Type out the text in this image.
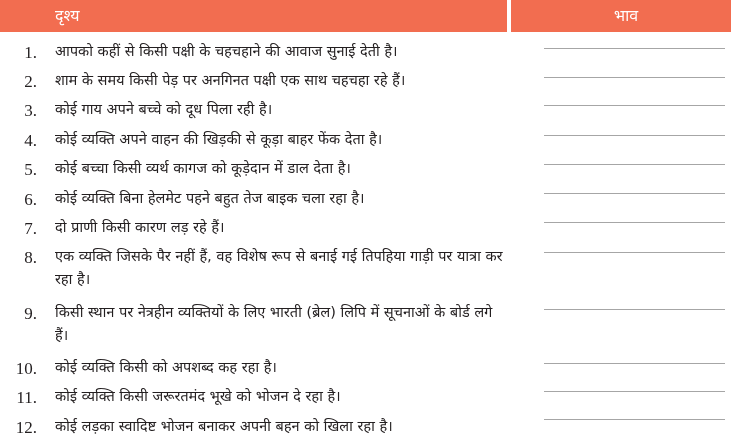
दृश्य	भाव
1. आपको कहीं से किसी पक्षी के चहचहाने की आवाज सुनाई देती है।
2. शाम के समय किसी पेड़ पर अनगिनत पक्षी एक साथ चहचहा रहे हैं।
3. कोई गाय अपने बच्चे को दूध पिला रही है।
4. कोई व्यक्ति अपने वाहन की खिड़की से कूड़ा बाहर फेंक देता है।
5. कोई बच्चा किसी व्यर्थ कागज को कूड़ेदान में डाल देता है।
6. कोई व्यक्ति बिना हेलमेट पहने बहुत तेज बाइक चला रहा है।
7. दो प्राणी किसी कारण लड़ रहे हैं।
8. एक व्यक्ति जिसके पैर नहीं हैं, वह विशेष रूप से बनाई गई तिपहिया गाड़ी पर यात्रा कर रहा है।
9. किसी स्थान पर नेत्रहीन व्यक्तियों के लिए भारती (ब्रेल) लिपि में सूचनाओं के बोर्ड लगे हैं।
10. कोई व्यक्ति किसी को अपशब्द कह रहा है।
11. कोई व्यक्ति किसी जरूरतमंद भूखे को भोजन दे रहा है।
12. कोई लड़का स्वादिष्ट भोजन बनाकर अपनी बहन को खिला रहा है।
